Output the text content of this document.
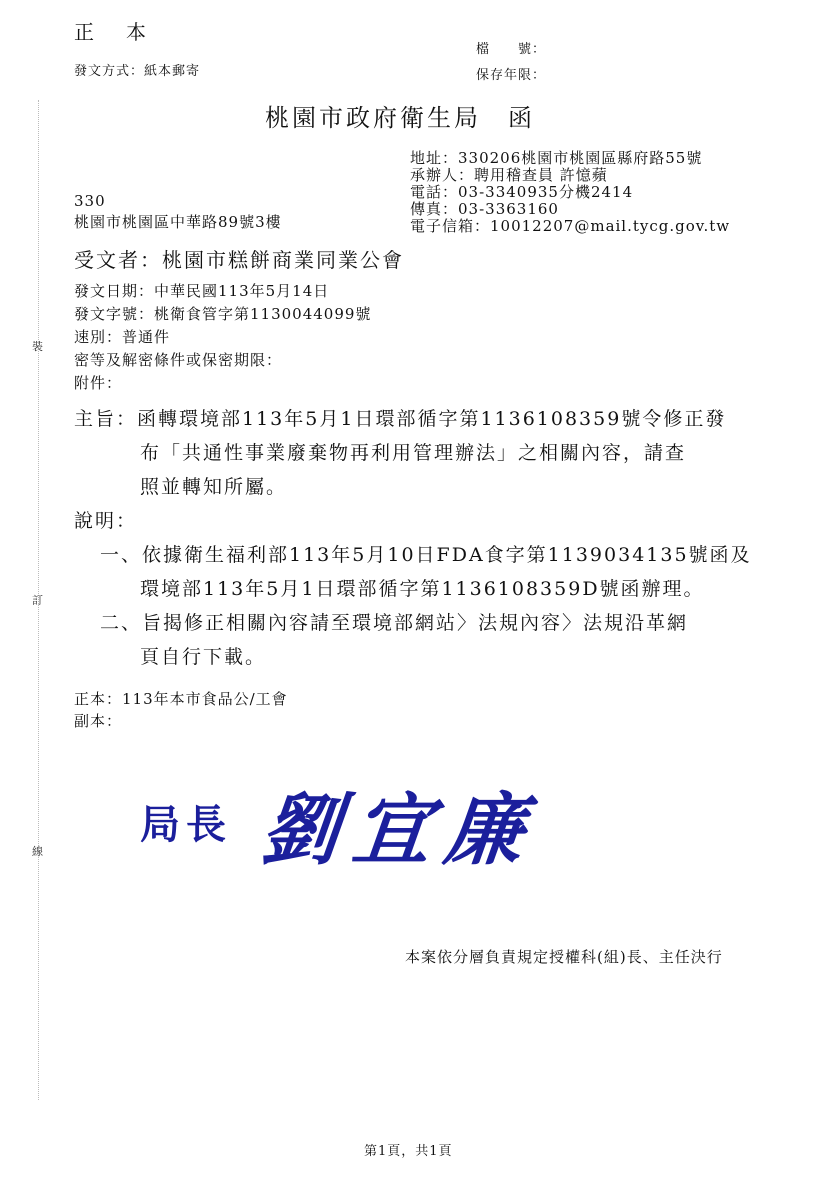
裝
訂
線
正　本
發文方式：紙本郵寄
檔　　號：
保存年限：
桃園市政府衛生局　函
地址：330206桃園市桃園區縣府路55號
承辦人：聘用稽查員 許憶蘋
電話：03-3340935分機2414
傳真：03-3363160
電子信箱：10012207@mail.tycg.gov.tw
330
桃園市桃園區中華路89號3樓
受文者：桃園市糕餅商業同業公會
發文日期：中華民國113年5月14日
發文字號：桃衛食管字第1130044099號
速別：普通件
密等及解密條件或保密期限：
附件：
主旨：函轉環境部113年5月1日環部循字第1136108359號令修正發
布「共通性事業廢棄物再利用管理辦法」之相關內容，請查
照並轉知所屬。
說明：
一、依據衛生福利部113年5月10日FDA食字第1139034135號函及
環境部113年5月1日環部循字第1136108359D號函辦理。
二、旨揭修正相關內容請至環境部網站〉法規內容〉法規沿革網
頁自行下載。
正本：113年本市食品公/工會
副本：
局長 劉宜廉
本案依分層負責規定授權科(組)長、主任決行
第1頁，共1頁
